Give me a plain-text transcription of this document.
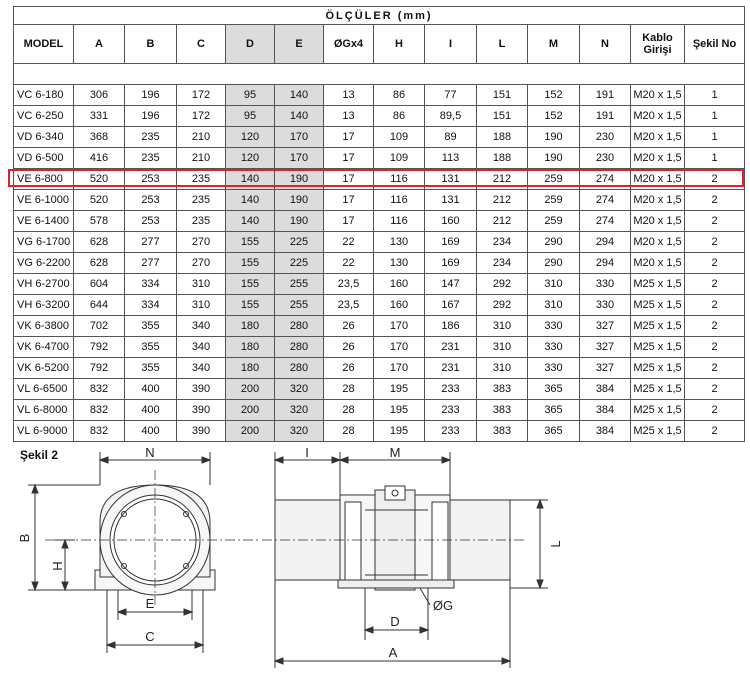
ÖLÇÜLER (mm)													
MODEL	A	B	C	D	E	ØGx4	H	I	L	M	N	Kablo Girişi	Şekil No

VC 6-180	306	196	172	95	140	13	86	77	151	152	191	M20 x 1,5	1
VC 6-250	331	196	172	95	140	13	86	89,5	151	152	191	M20 x 1,5	1
VD 6-340	368	235	210	120	170	17	109	89	188	190	230	M20 x 1,5	1
VD 6-500	416	235	210	120	170	17	109	113	188	190	230	M20 x 1,5	1
VE 6-800	520	253	235	140	190	17	116	131	212	259	274	M20 x 1,5	2
VE 6-1000	520	253	235	140	190	17	116	131	212	259	274	M20 x 1,5	2
VE 6-1400	578	253	235	140	190	17	116	160	212	259	274	M20 x 1,5	2
VG 6-1700	628	277	270	155	225	22	130	169	234	290	294	M20 x 1,5	2
VG 6-2200	628	277	270	155	225	22	130	169	234	290	294	M20 x 1,5	2
VH 6-2700	604	334	310	155	255	23,5	160	147	292	310	330	M25 x 1,5	2
VH 6-3200	644	334	310	155	255	23,5	160	167	292	310	330	M25 x 1,5	2
VK 6-3800	702	355	340	180	280	26	170	186	310	330	327	M25 x 1,5	2
VK 6-4700	792	355	340	180	280	26	170	231	310	330	327	M25 x 1,5	2
VK 6-5200	792	355	340	180	280	26	170	231	310	330	327	M25 x 1,5	2
VL 6-6500	832	400	390	200	320	28	195	233	383	365	384	M25 x 1,5	2
VL 6-8000	832	400	390	200	320	28	195	233	383	365	384	M25 x 1,5	2
VL 6-9000	832	400	390	200	320	28	195	233	383	365	384	M25 x 1,5	2
Şekil 2	N
B
H
E
C
I	M
L
D
ØG
A
